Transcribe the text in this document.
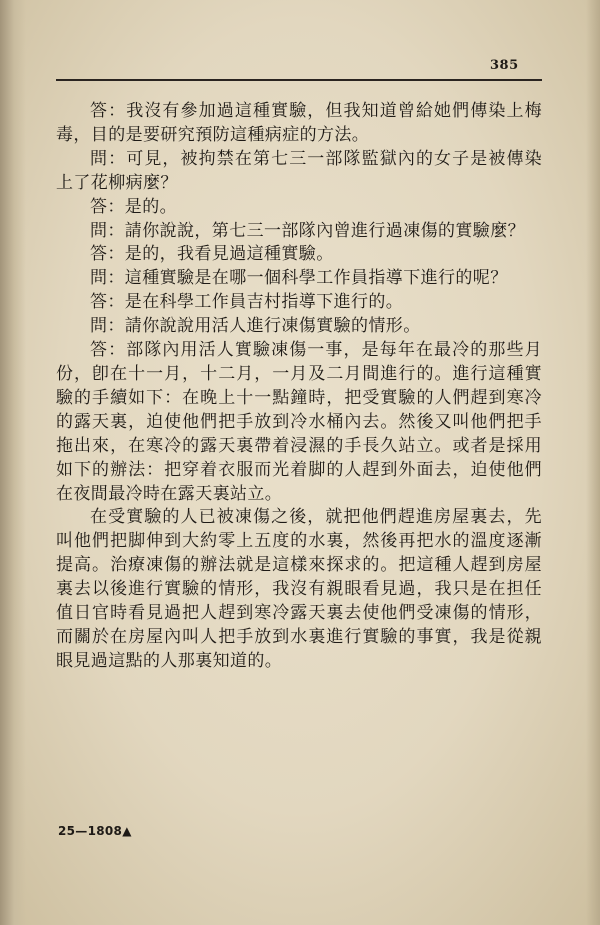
385

答：我沒有參加過這種實驗，但我知道曾給她們傳染上梅毒，目的是要研究預防這種病症的方法。

問：可見，被拘禁在第七三一部隊監獄內的女子是被傳染上了花柳病麼？

答：是的。

問：請你說說，第七三一部隊內曾進行過凍傷的實驗麼？

答：是的，我看見過這種實驗。

問：這種實驗是在哪一個科學工作員指導下進行的呢？

答：是在科學工作員吉村指導下進行的。

問：請你說說用活人進行凍傷實驗的情形。

答：部隊內用活人實驗凍傷一事，是每年在最冷的那些月份，卽在十一月，十二月，一月及二月間進行的。進行這種實驗的手續如下：在晚上十一點鐘時，把受實驗的人們趕到寒冷的露天裏，迫使他們把手放到冷水桶內去。然後又叫他們把手拖出來，在寒冷的露天裏帶着浸濕的手長久站立。或者是採用如下的辦法：把穿着衣服而光着脚的人趕到外面去，迫使他們在夜間最冷時在露天裏站立。

在受實驗的人已被凍傷之後，就把他們趕進房屋裏去，先叫他們把脚伸到大約零上五度的水裏，然後再把水的溫度逐漸提高。治療凍傷的辦法就是這樣來探求的。把這種人趕到房屋裏去以後進行實驗的情形，我沒有親眼看見過，我只是在担任值日官時看見過把人趕到寒冷露天裏去使他們受凍傷的情形，而關於在房屋內叫人把手放到水裏進行實驗的事實，我是從親眼見過這點的人那裏知道的。

25—1808▲
